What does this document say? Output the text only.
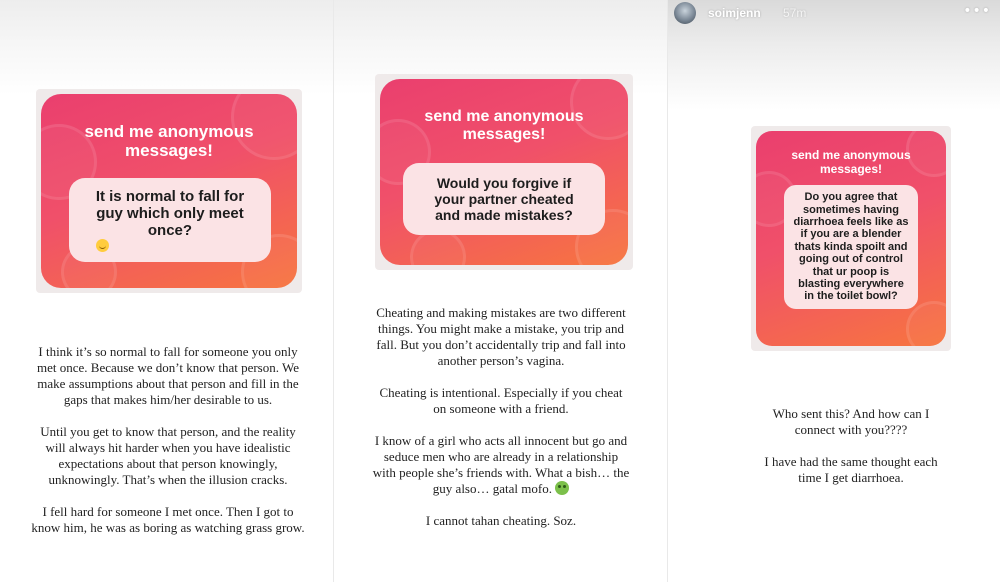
send me anonymous
messages!
It is normal to fall for
guy which only meet
once?

I think it’s so normal to fall for someone you only
met once. Because we don’t know that person. We
make assumptions about that person and fill in the
gaps that makes him/her desirable to us.

Until you get to know that person, and the reality
will always hit harder when you have idealistic
expectations about that person knowingly,
unknowingly. That’s when the illusion cracks.

I fell hard for someone I met once. Then I got to
know him, he was as boring as watching grass grow.

send me anonymous
messages!
Would you forgive if
your partner cheated
and made mistakes?

Cheating and making mistakes are two different
things. You might make a mistake, you trip and
fall. But you don’t accidentally trip and fall into
another person’s vagina.

Cheating is intentional. Especially if you cheat
on someone with a friend.

I know of a girl who acts all innocent but go and
seduce men who are already in a relationship
with people she’s friends with. What a bish… the
guy also… gatal mofo.

I cannot tahan cheating. Soz.

soimjenn 57m	•••
send me anonymous
messages!
Do you agree that
sometimes having
diarrhoea feels like as
if you are a blender
thats kinda spoilt and
going out of control
that ur poop is
blasting everywhere
in the toilet bowl?

Who sent this? And how can I
connect with you????

I have had the same thought each
time I get diarrhoea.
